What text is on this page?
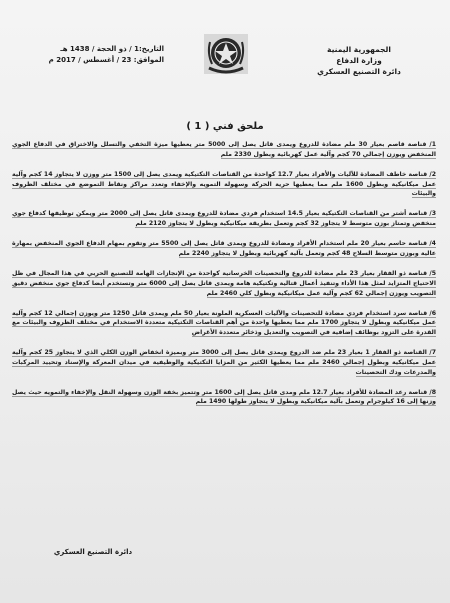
الجمهورية اليمنية
وزارة الدفاع
دائرة التصنيع العسكري
التاريخ:1 / ذو الحجة / 1438 هـ
الموافق: 23 / أغسطس / 2017 م
ملحق فني ( 1 )
1/ قناصة قاصم بعيار 30 ملم مضادة للدروع ويمدى قاتل يصل إلى 5000 متر يعطيها ميزة التخفي والتسلل والاختراق في الدفاع الجوي المنخفض ويوزن إجمالي 70 كجم وآلية عمل كهربائية وبطول 2330 ملم
2/ قناصة خاطف المضادة للآليات والأفراد بعيار 12.7 كواحدة من القناصات التكتيكية ويمدى يصل إلى 1500 متر ووزن لا يتجاوز 14 كجم وآلية عمل ميكانيكية وبطول 1600 ملم مما يعطيها حرية الحركة وسهولة التمويه والإخفاء وتعدد مراكز ونقاط التموضع في مختلف الظروف والبيئات
3/ قناصة أشتر من القناصات التكتيكية بعيار 14.5 استخدام فردي مضادة للدروع ويمدى قاتل يصل إلى 2000 متر ويمكن توظيفها كدفاع جوي منخفض وتمتاز بوزن متوسط لا يتجاوز 32 كجم وتعمل بطريقة ميكانيكية وبطول لا يتجاوز 2120 ملم
4/ قناصة حاسم بعيار 20 ملم استخدام الأفراد ومضادة للدروع ويمدى قاتل يصل إلى 5500 متر وتقوم بمهام الدفاع الجوي المنخفض بمهارة عالية وبوزن متوسط السلاح 48 كجم وتعمل بآلية كهربائية وبطول لا يتجاوز 2240 ملم
5/ قناصة ذو الفقار بعيار 23 ملم مضادة للدروع والتحصينات الخرسانية كواحدة من الإنجازات الهامة للتصنيع الحربي في هذا المجال في ظل الاحتياج المتزايد لمثل هذا الأداء وتنفيذ أعمال قتالية وتكتيكية هامة ويمدى قاتل يصل إلى 6000 متر وتستخدم أيضا كدفاع جوي منخفض دقيق التصويب ويوزن إجمالي 62 كجم وآلية عمل ميكانيكية وبطول كلي 2460 ملم
6/ قناصة سرد استخدام فردي مضادة للتحصينات والآليات العسكرية الملونة بعيار 50 ملم ويمدى قاتل 1250 متر ويوزن إجمالي 12 كجم وآلية عمل ميكانيكية وبطول لا يتجاوز 1700 ملم مما يعطيها واحدة من أهم القناصات التكتيكية متعددة الاستخدام في مختلف الظروف والبيئات مع القدرة على التزود بوظائف إضافية في التصويب والتعديل وذخائر متعددة الأغراض
7/ القناصة ذو الفقار 1 بعيار 23 ملم ضد الدروع ويمدى قاتل يصل إلى 3000 متر وبميزة انخفاض الوزن الكلي الذي لا يتجاوز 25 كجم وآلية عمل ميكانيكية وبطول إجمالي 2460 ملم مما يعطيها الكثير من المزايا التكتيكية والوظيفية في ميدان المعركة والإسناد وتحييد المركبات والمدرعات ودك التحصينات
8/ قناصة رعد المضادة للأفراد بعيار 12.7 ملم ومدى قاتل يصل إلى 1600 متر وتتميز بخفة الوزن وسهولة النقل والإخفاء والتمويه حيث يصل وزنها إلى 16 كيلوجرام وتعمل بآلية ميكانيكية وبطول لا يتجاوز طولها 1490 ملم
دائرة التصنيع العسكري
